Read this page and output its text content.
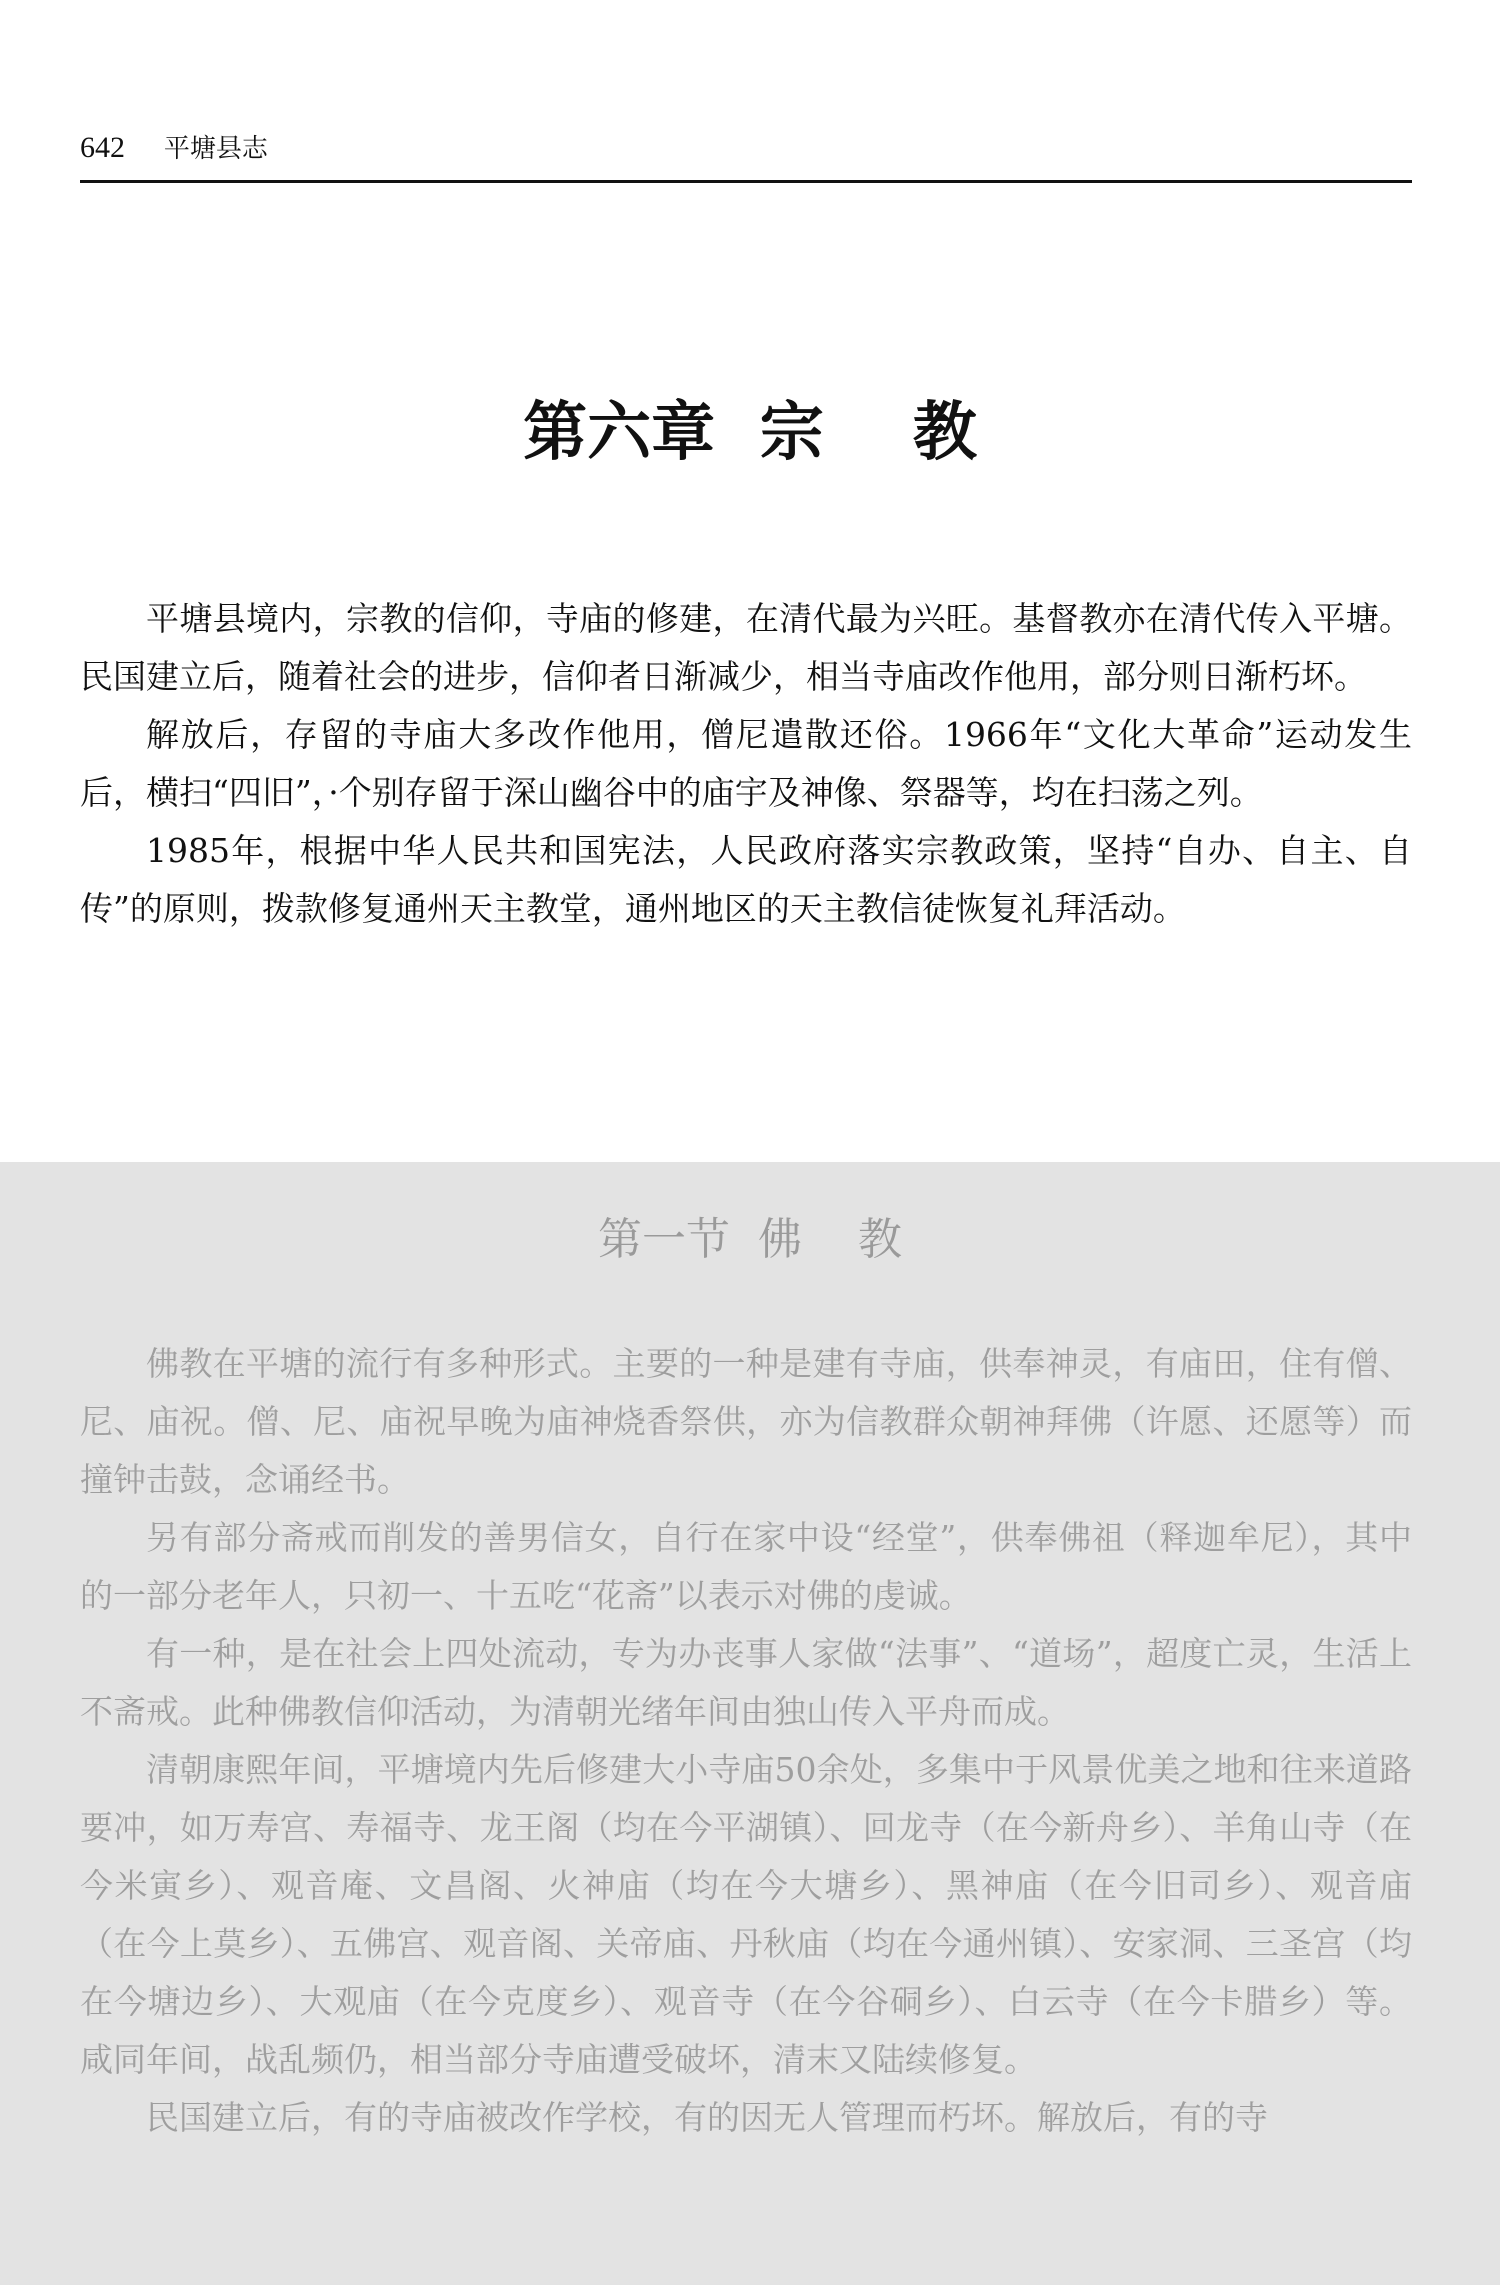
642 平塘县志
第六章  宗    教

平塘县境内，宗教的信仰，寺庙的修建，在清代最为兴旺。基督教亦在清代传入平塘。民国建立后，随着社会的进步，信仰者日渐减少，相当寺庙改作他用，部分则日渐朽坏。

解放后，存留的寺庙大多改作他用，僧尼遣散还俗。1966年“文化大革命”运动发生后，横扫“四旧”，·个别存留于深山幽谷中的庙宇及神像、祭器等，均在扫荡之列。

1985年，根据中华人民共和国宪法，人民政府落实宗教政策，坚持“自办、自主、自传”的原则，拨款修复通州天主教堂，通州地区的天主教信徒恢复礼拜活动。

第一节  佛    教

佛教在平塘的流行有多种形式。主要的一种是建有寺庙，供奉神灵，有庙田，住有僧、尼、庙祝。僧、尼、庙祝早晚为庙神烧香祭供，亦为信教群众朝神拜佛（许愿、还愿等）而撞钟击鼓，念诵经书。

另有部分斋戒而削发的善男信女，自行在家中设“经堂”，供奉佛祖（释迦牟尼），其中的一部分老年人，只初一、十五吃“花斋”以表示对佛的虔诚。

有一种，是在社会上四处流动，专为办丧事人家做“法事”、“道场”，超度亡灵，生活上不斋戒。此种佛教信仰活动，为清朝光绪年间由独山传入平舟而成。

清朝康熙年间，平塘境内先后修建大小寺庙50余处，多集中于风景优美之地和往来道路要冲，如万寿宫、寿福寺、龙王阁（均在今平湖镇）、回龙寺（在今新舟乡）、羊角山寺（在今米寅乡）、观音庵、文昌阁、火神庙（均在今大塘乡）、黑神庙（在今旧司乡）、观音庙（在今上莫乡）、五佛宫、观音阁、关帝庙、丹秋庙（均在今通州镇）、安家洞、三圣宫（均在今塘边乡）、大观庙（在今克度乡）、观音寺（在今谷硐乡）、白云寺（在今卡腊乡）等。咸同年间，战乱频仍，相当部分寺庙遭受破坏，清末又陆续修复。

民国建立后，有的寺庙被改作学校，有的因无人管理而朽坏。解放后，有的寺
